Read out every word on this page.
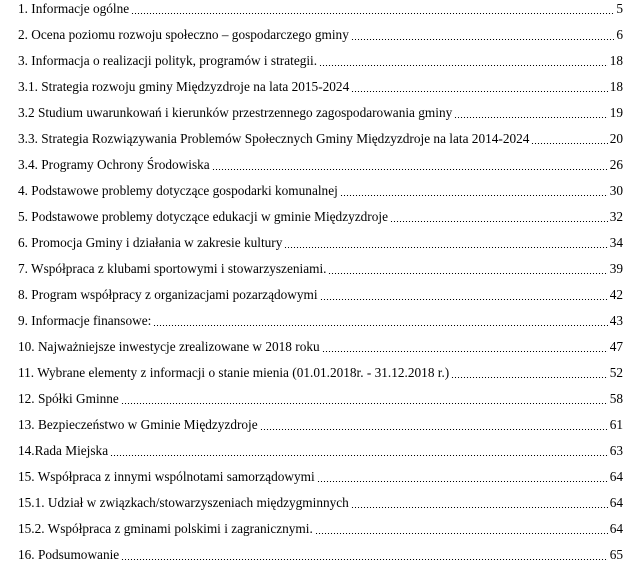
1. Informacje ogólne	5
2. Ocena poziomu rozwoju społeczno – gospodarczego gminy	6
3. Informacja o realizacji polityk, programów i strategii.	18
3.1. Strategia rozwoju gminy Międzyzdroje na lata 2015-2024	18
3.2 Studium uwarunkowań i kierunków przestrzennego zagospodarowania gminy	19
3.3. Strategia Rozwiązywania Problemów Społecznych Gminy Międzyzdroje na lata 2014-2024	20
3.4. Programy Ochrony Środowiska	26
4. Podstawowe problemy dotyczące gospodarki komunalnej	30
5. Podstawowe problemy dotyczące edukacji w gminie Międzyzdroje	32
6. Promocja Gminy i działania w zakresie kultury	34
7. Współpraca z klubami sportowymi i stowarzyszeniami.	39
8. Program współpracy z organizacjami pozarządowymi	42
9. Informacje finansowe:	43
10. Najważniejsze inwestycje zrealizowane w 2018 roku	47
11. Wybrane elementy z informacji o stanie mienia (01.01.2018r. - 31.12.2018 r.)	52
12. Spółki Gminne	58
13. Bezpieczeństwo w Gminie Międzyzdroje	61
14.Rada Miejska	63
15. Współpraca z innymi wspólnotami samorządowymi	64
15.1. Udział w związkach/stowarzyszeniach międzygminnych	64
15.2. Współpraca z gminami polskimi i zagranicznymi.	64
16. Podsumowanie	65
